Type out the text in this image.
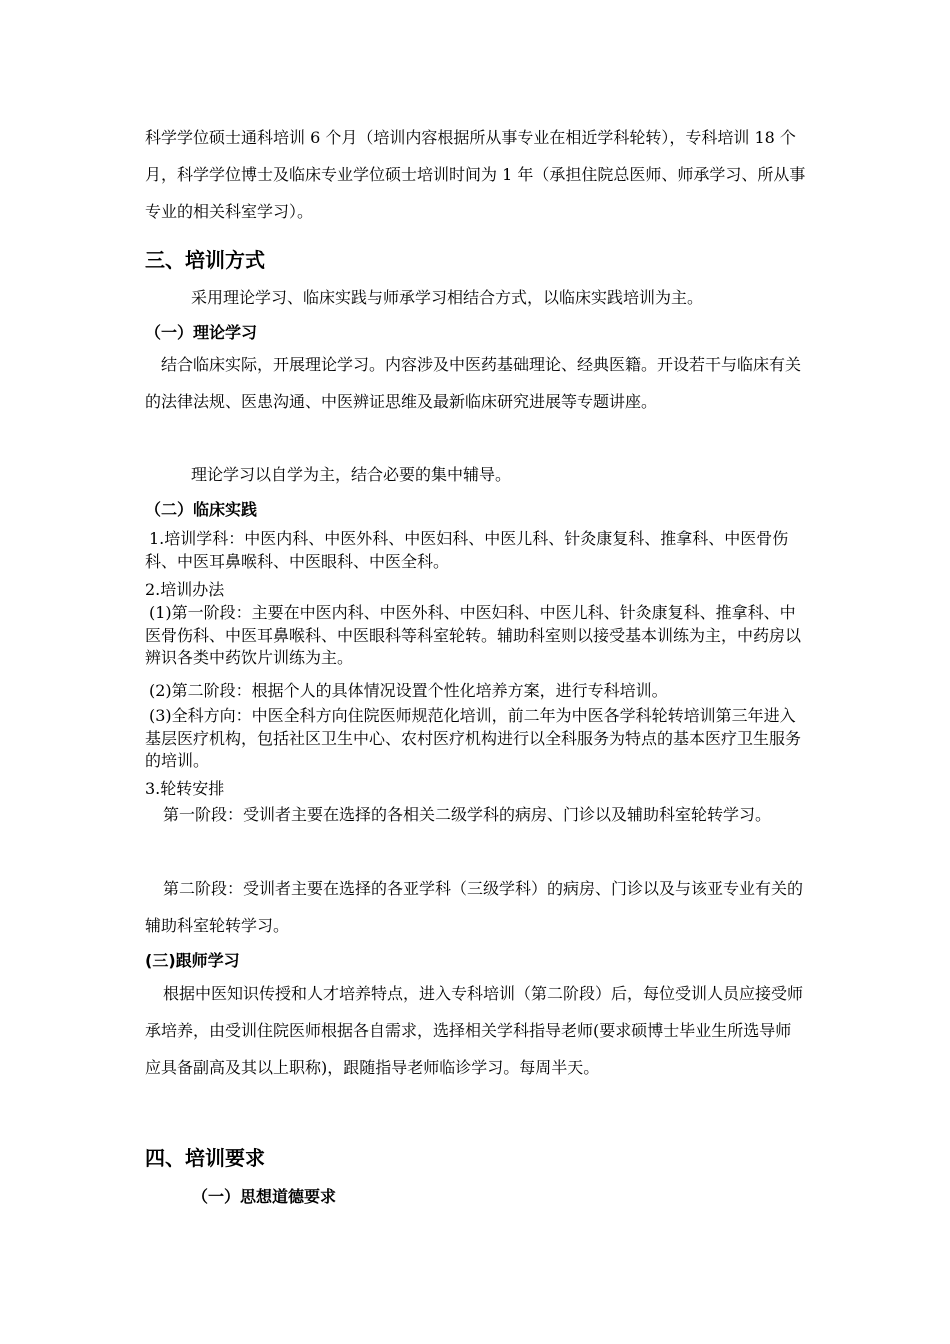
科学学位硕士通科培训 6 个月（培训内容根据所从事专业在相近学科轮转），专科培训 18 个月，科学学位博士及临床专业学位硕士培训时间为 1 年（承担住院总医师、师承学习、所从事专业的相关科室学习）。

三、培训方式

采用理论学习、临床实践与师承学习相结合方式，以临床实践培训为主。

（一）理论学习

结合临床实际，开展理论学习。内容涉及中医药基础理论、经典医籍。开设若干与临床有关的法律法规、医患沟通、中医辨证思维及最新临床研究进展等专题讲座。

理论学习以自学为主，结合必要的集中辅导。

（二）临床实践

1.培训学科：中医内科、中医外科、中医妇科、中医儿科、针灸康复科、推拿科、中医骨伤科、中医耳鼻喉科、中医眼科、中医全科。

2.培训办法

(1)第一阶段：主要在中医内科、中医外科、中医妇科、中医儿科、针灸康复科、推拿科、中医骨伤科、中医耳鼻喉科、中医眼科等科室轮转。辅助科室则以接受基本训练为主，中药房以辨识各类中药饮片训练为主。

(2)第二阶段：根据个人的具体情况设置个性化培养方案，进行专科培训。

(3)全科方向：中医全科方向住院医师规范化培训，前二年为中医各学科轮转培训第三年进入基层医疗机构，包括社区卫生中心、农村医疗机构进行以全科服务为特点的基本医疗卫生服务的培训。

3.轮转安排

第一阶段：受训者主要在选择的各相关二级学科的病房、门诊以及辅助科室轮转学习。

第二阶段：受训者主要在选择的各亚学科（三级学科）的病房、门诊以及与该亚专业有关的辅助科室轮转学习。

(三)跟师学习

根据中医知识传授和人才培养特点，进入专科培训（第二阶段）后，每位受训人员应接受师承培养，由受训住院医师根据各自需求，选择相关学科指导老师(要求硕博士毕业生所选导师应具备副高及其以上职称)，跟随指导老师临诊学习。每周半天。

四、培训要求
（一）思想道德要求
